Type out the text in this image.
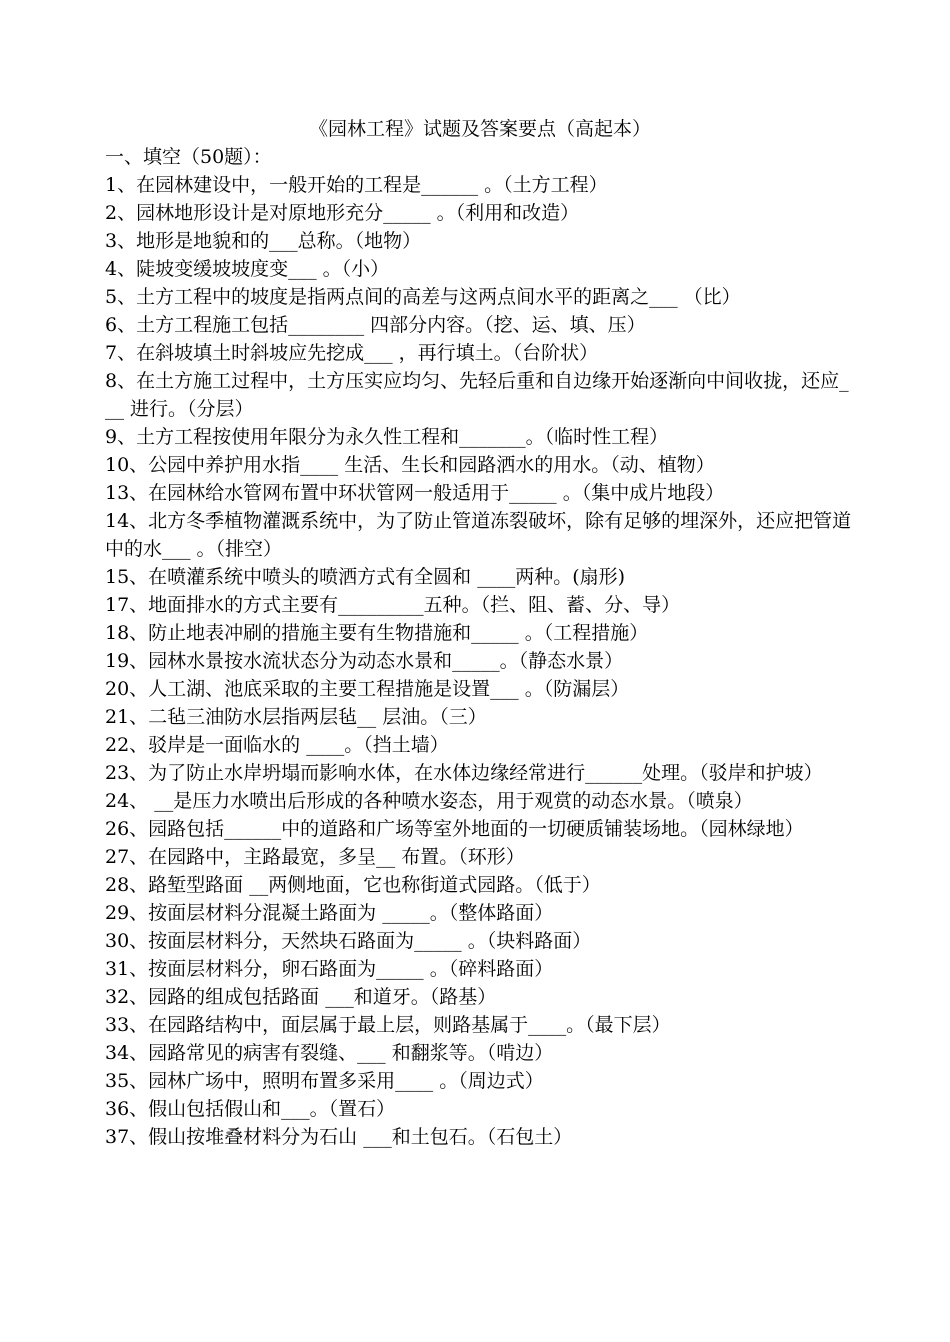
《园林工程》试题及答案要点（高起本）

一、填空（50题）：

1、在园林建设中，一般开始的工程是______ 。（土方工程）

2、园林地形设计是对原地形充分_____ 。（利用和改造）

3、地形是地貌和的___总称。（地物）

4、陡坡变缓坡坡度变___ 。（小）

5、土方工程中的坡度是指两点间的高差与这两点间水平的距离之___ （比）

6、土方工程施工包括________ 四部分内容。（挖、运、填、压）

7、在斜坡填土时斜坡应先挖成___ ，再行填土。（台阶状）

8、在土方施工过程中，土方压实应均匀、先轻后重和自边缘开始逐渐向中间收拢，还应___ 进行。（分层）

9、土方工程按使用年限分为永久性工程和_______。（临时性工程）

10、公园中养护用水指____ 生活、生长和园路洒水的用水。（动、植物）

13、在园林给水管网布置中环状管网一般适用于_____ 。（集中成片地段）

14、北方冬季植物灌溉系统中，为了防止管道冻裂破坏，除有足够的埋深外，还应把管道中的水___ 。（排空）

15、在喷灌系统中喷头的喷洒方式有全圆和 ____两种。(扇形)

17、地面排水的方式主要有_________五种。（拦、阻、蓄、分、导）

18、防止地表冲刷的措施主要有生物措施和_____ 。（工程措施）

19、园林水景按水流状态分为动态水景和_____。（静态水景）

20、人工湖、池底采取的主要工程措施是设置___ 。（防漏层）

21、二毡三油防水层指两层毡__ 层油。（三）

22、驳岸是一面临水的 ____。（挡土墙）

23、为了防止水岸坍塌而影响水体，在水体边缘经常进行______处理。（驳岸和护坡）

24、 __是压力水喷出后形成的各种喷水姿态，用于观赏的动态水景。（喷泉）

26、园路包括______中的道路和广场等室外地面的一切硬质铺装场地。（园林绿地）

27、在园路中，主路最宽，多呈__ 布置。（环形）

28、路堑型路面 __两侧地面，它也称街道式园路。（低于）

29、按面层材料分混凝土路面为 _____。（整体路面）

30、按面层材料分，天然块石路面为_____ 。（块料路面）

31、按面层材料分，卵石路面为_____ 。（碎料路面）

32、园路的组成包括路面 ___和道牙。（路基）

33、在园路结构中，面层属于最上层，则路基属于____。（最下层）

34、园路常见的病害有裂缝、___ 和翻浆等。（啃边）

35、园林广场中，照明布置多采用____ 。（周边式）

36、假山包括假山和___。（置石）

37、假山按堆叠材料分为石山 ___和土包石。（石包土）
